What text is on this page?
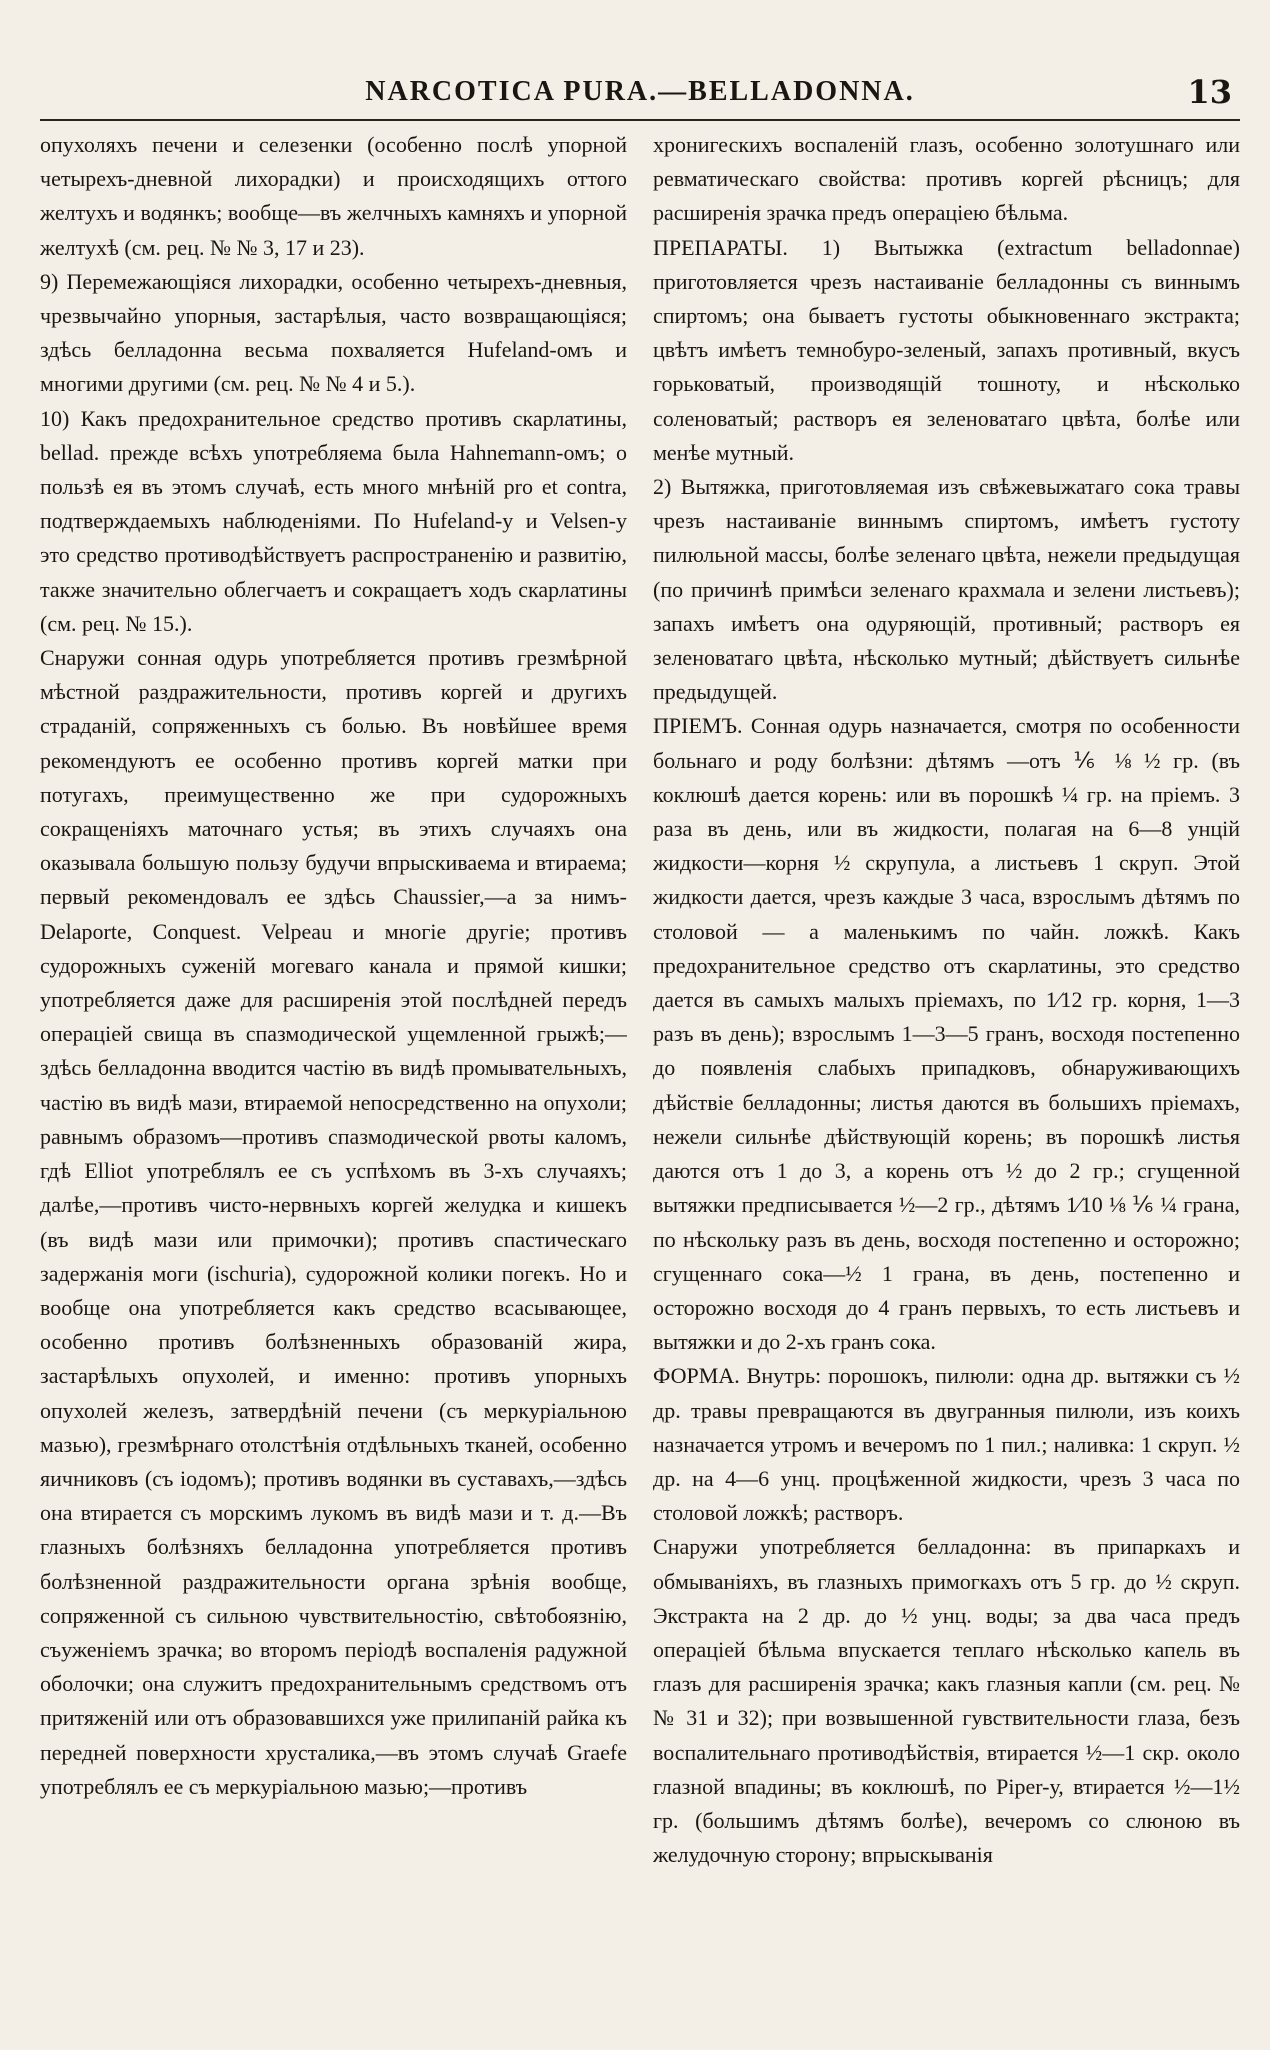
NARCOTICA PURA.—BELLADONNA.	13

опухоляхъ печени и селезенки (особенно послѣ упорной четырехъ-дневной лихорадки) и происходящихъ оттого желтухъ и водянкъ; вообще—въ желчныхъ камняхъ и упорной желтухѣ (см. рец. № № 3, 17 и 23).

9) Перемежающіяся лихорадки, особенно четырехъ-дневныя, чрезвычайно упорныя, застарѣлыя, часто возвращающіяся; здѣсь белладонна весьма похваляется Hufeland-омъ и многими другими (см. рец. № № 4 и 5.).

10) Какъ предохранительное средство противъ скарлатины, bellad. прежде всѣхъ употребляема была Hahnemann-омъ; о пользѣ ея въ этомъ случаѣ, есть много мнѣній pro et contra, подтверждаемыхъ наблюденіями. По Hufeland-у и Velsen-у это средство противодѣйствуетъ распространенію и развитію, также значительно облегчаетъ и сокращаетъ ходъ скарлатины (см. рец. № 15.).

Снаружи сонная одурь употребляется противъ грезмѣрной мѣстной раздражительности, противъ коргей и другихъ страданій, сопряженныхъ съ болью. Въ новѣйшее время рекомендуютъ ее особенно противъ коргей матки при потугахъ, преимущественно же при судорожныхъ сокращеніяхъ маточнаго устья; въ этихъ случаяхъ она оказывала большую пользу будучи впрыскиваема и втираема; первый рекомендовалъ ее здѣсь Chaussier,—а за нимъ-Delaporte, Conquest. Velpeau и многіе другіе; противъ судорожныхъ суженій могеваго канала и прямой кишки; употребляется даже для расширенія этой послѣдней передъ операціей свища въ спазмодической ущемленной грыжѣ;—здѣсь белладонна вводится частію въ видѣ промывательныхъ, частію въ видѣ мази, втираемой непосредственно на опухоли; равнымъ образомъ—противъ спазмодической рвоты каломъ, гдѣ Elliot употреблялъ ее съ успѣхомъ въ 3-хъ случаяхъ; далѣе,—противъ чисто-нервныхъ коргей желудка и кишекъ (въ видѣ мази или примочки); противъ спастическаго задержанія моги (ischuria), судорожной колики погекъ. Но и вообще она употребляется какъ средство всасывающее, особенно противъ болѣзненныхъ образованій жира, застарѣлыхъ опухолей, и именно: противъ упорныхъ опухолей железъ, затвердѣній печени (съ меркуріальною мазью), грезмѣрнаго отолстѣнія отдѣльныхъ тканей, особенно яичниковъ (съ іодомъ); противъ водянки въ суставахъ,—здѣсь она втирается съ морскимъ лукомъ въ видѣ мази и т. д.—Въ глазныхъ болѣзняхъ белладонна употребляется противъ болѣзненной раздражительности органа зрѣнія вообще, сопряженной съ сильною чувствительностію, свѣтобоязнію, съуженіемъ зрачка; во второмъ періодѣ воспаленія радужной оболочки; она служитъ предохранительнымъ средствомъ отъ притяженій или отъ образовавшихся уже прилипаній райка къ передней поверхности хрусталика,—въ этомъ случаѣ Graefe употреблялъ ее съ меркуріальною мазью;—противъ

хронигескихъ воспаленій глазъ, особенно золотушнаго или ревматическаго свойства: противъ коргей рѣсницъ; для расширенія зрачка предъ операціею бѣльма.

ПРЕПАРАТЫ. 1) Вытыжка (extractum belladonnae) приготовляется чрезъ настаиваніе белладонны съ виннымъ спиртомъ; она бываетъ густоты обыкновеннаго экстракта; цвѣтъ имѣетъ темнобуро-зеленый, запахъ противный, вкусъ горьковатый, производящій тошноту, и нѣсколько соленоватый; растворъ ея зеленоватаго цвѣта, болѣе или менѣе мутный.

2) Вытяжка, приготовляемая изъ свѣжевыжатаго сока травы чрезъ настаиваніе виннымъ спиртомъ, имѣетъ густоту пилюльной массы, болѣе зеленаго цвѣта, нежели предыдущая (по причинѣ примѣси зеленаго крахмала и зелени листьевъ); запахъ имѣетъ она одуряющій, противный; растворъ ея зеленоватаго цвѣта, нѣсколько мутный; дѣйствуетъ сильнѣе предыдущей.

ПРІЕМЪ. Сонная одурь назначается, смотря по особенности больнаго и роду болѣзни: дѣтямъ —отъ ⅙ ⅛ ½ гр. (въ коклюшѣ дается корень: или въ порошкѣ ¼ гр. на пріемъ. 3 раза въ день, или въ жидкости, полагая на 6—8 унцій жидкости—корня ½ скрупула, а листьевъ 1 скруп. Этой жидкости дается, чрезъ каждые 3 часа, взрослымъ дѣтямъ по столовой — а маленькимъ по чайн. ложкѣ. Какъ предохранительное средство отъ скарлатины, это средство дается въ самыхъ малыхъ пріемахъ, по 1⁄12 гр. корня, 1—3 разъ въ день); взрослымъ 1—3—5 гранъ, восходя постепенно до появленія слабыхъ припадковъ, обнаруживающихъ дѣйствіе белладонны; листья даются въ большихъ пріемахъ, нежели сильнѣе дѣйствующій корень; въ порошкѣ листья даются отъ 1 до 3, а корень отъ ½ до 2 гр.; сгущенной вытяжки предписывается ½—2 гр., дѣтямъ 1⁄10 ⅛ ⅙ ¼ грана, по нѣскольку разъ въ день, восходя постепенно и осторожно; сгущеннаго сока—½ 1 грана, въ день, постепенно и осторожно восходя до 4 гранъ первыхъ, то есть листьевъ и вытяжки и до 2-хъ гранъ сока.

ФОРМА. Внутрь: порошокъ, пилюли: одна др. вытяжки съ ½ др. травы превращаются въ двугранныя пилюли, изъ коихъ назначается утромъ и вечеромъ по 1 пил.; наливка: 1 скруп. ½ др. на 4—6 унц. процѣженной жидкости, чрезъ 3 часа по столовой ложкѣ; растворъ.

Снаружи употребляется белладонна: въ припаркахъ и обмываніяхъ, въ глазныхъ примогкахъ отъ 5 гр. до ½ скруп. Экстракта на 2 др. до ½ унц. воды; за два часа предъ операціей бѣльма впускается теплаго нѣсколько капель въ глазъ для расширенія зрачка; какъ глазныя капли (см. рец. № № 31 и 32); при возвышенной гувствительности глаза, безъ воспалительнаго противодѣйствія, втирается ½—1 скр. около глазной впадины; въ коклюшѣ, по Piper-у, втирается ½—1½ гр. (большимъ дѣтямъ болѣе), вечеромъ со слюною въ желудочную сторону; впрыскыванія
